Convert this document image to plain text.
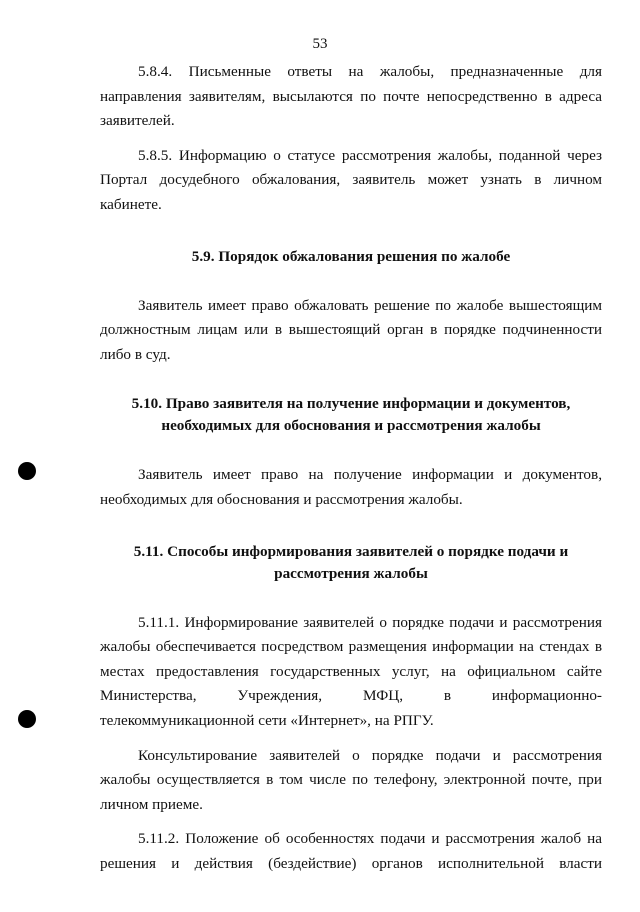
53

5.8.4. Письменные ответы на жалобы, предназначенные для направления заявителям, высылаются по почте непосредственно в адреса заявителей.

5.8.5. Информацию о статусе рассмотрения жалобы, поданной через Портал досудебного обжалования, заявитель может узнать в личном кабинете.

5.9. Порядок обжалования решения по жалобе

Заявитель имеет право обжаловать решение по жалобе вышестоящим должностным лицам или в вышестоящий орган в порядке подчиненности либо в суд.

5.10. Право заявителя на получение информации и документов,
необходимых для обоснования и рассмотрения жалобы

Заявитель имеет право на получение информации и документов, необходимых для обоснования и рассмотрения жалобы.

5.11. Способы информирования заявителей о порядке подачи и
рассмотрения жалобы

5.11.1. Информирование заявителей о порядке подачи и рассмотрения жалобы обеспечивается посредством размещения информации на стендах в местах предоставления государственных услуг, на официальном сайте Министерства, Учреждения, МФЦ, в информационно-телекоммуникационной сети «Интернет», на РПГУ.

Консультирование заявителей о порядке подачи и рассмотрения жалобы осуществляется в том числе по телефону, электронной почте, при личном приеме.

5.11.2. Положение об особенностях подачи и рассмотрения жалоб на решения и действия (бездействие) органов исполнительной власти
